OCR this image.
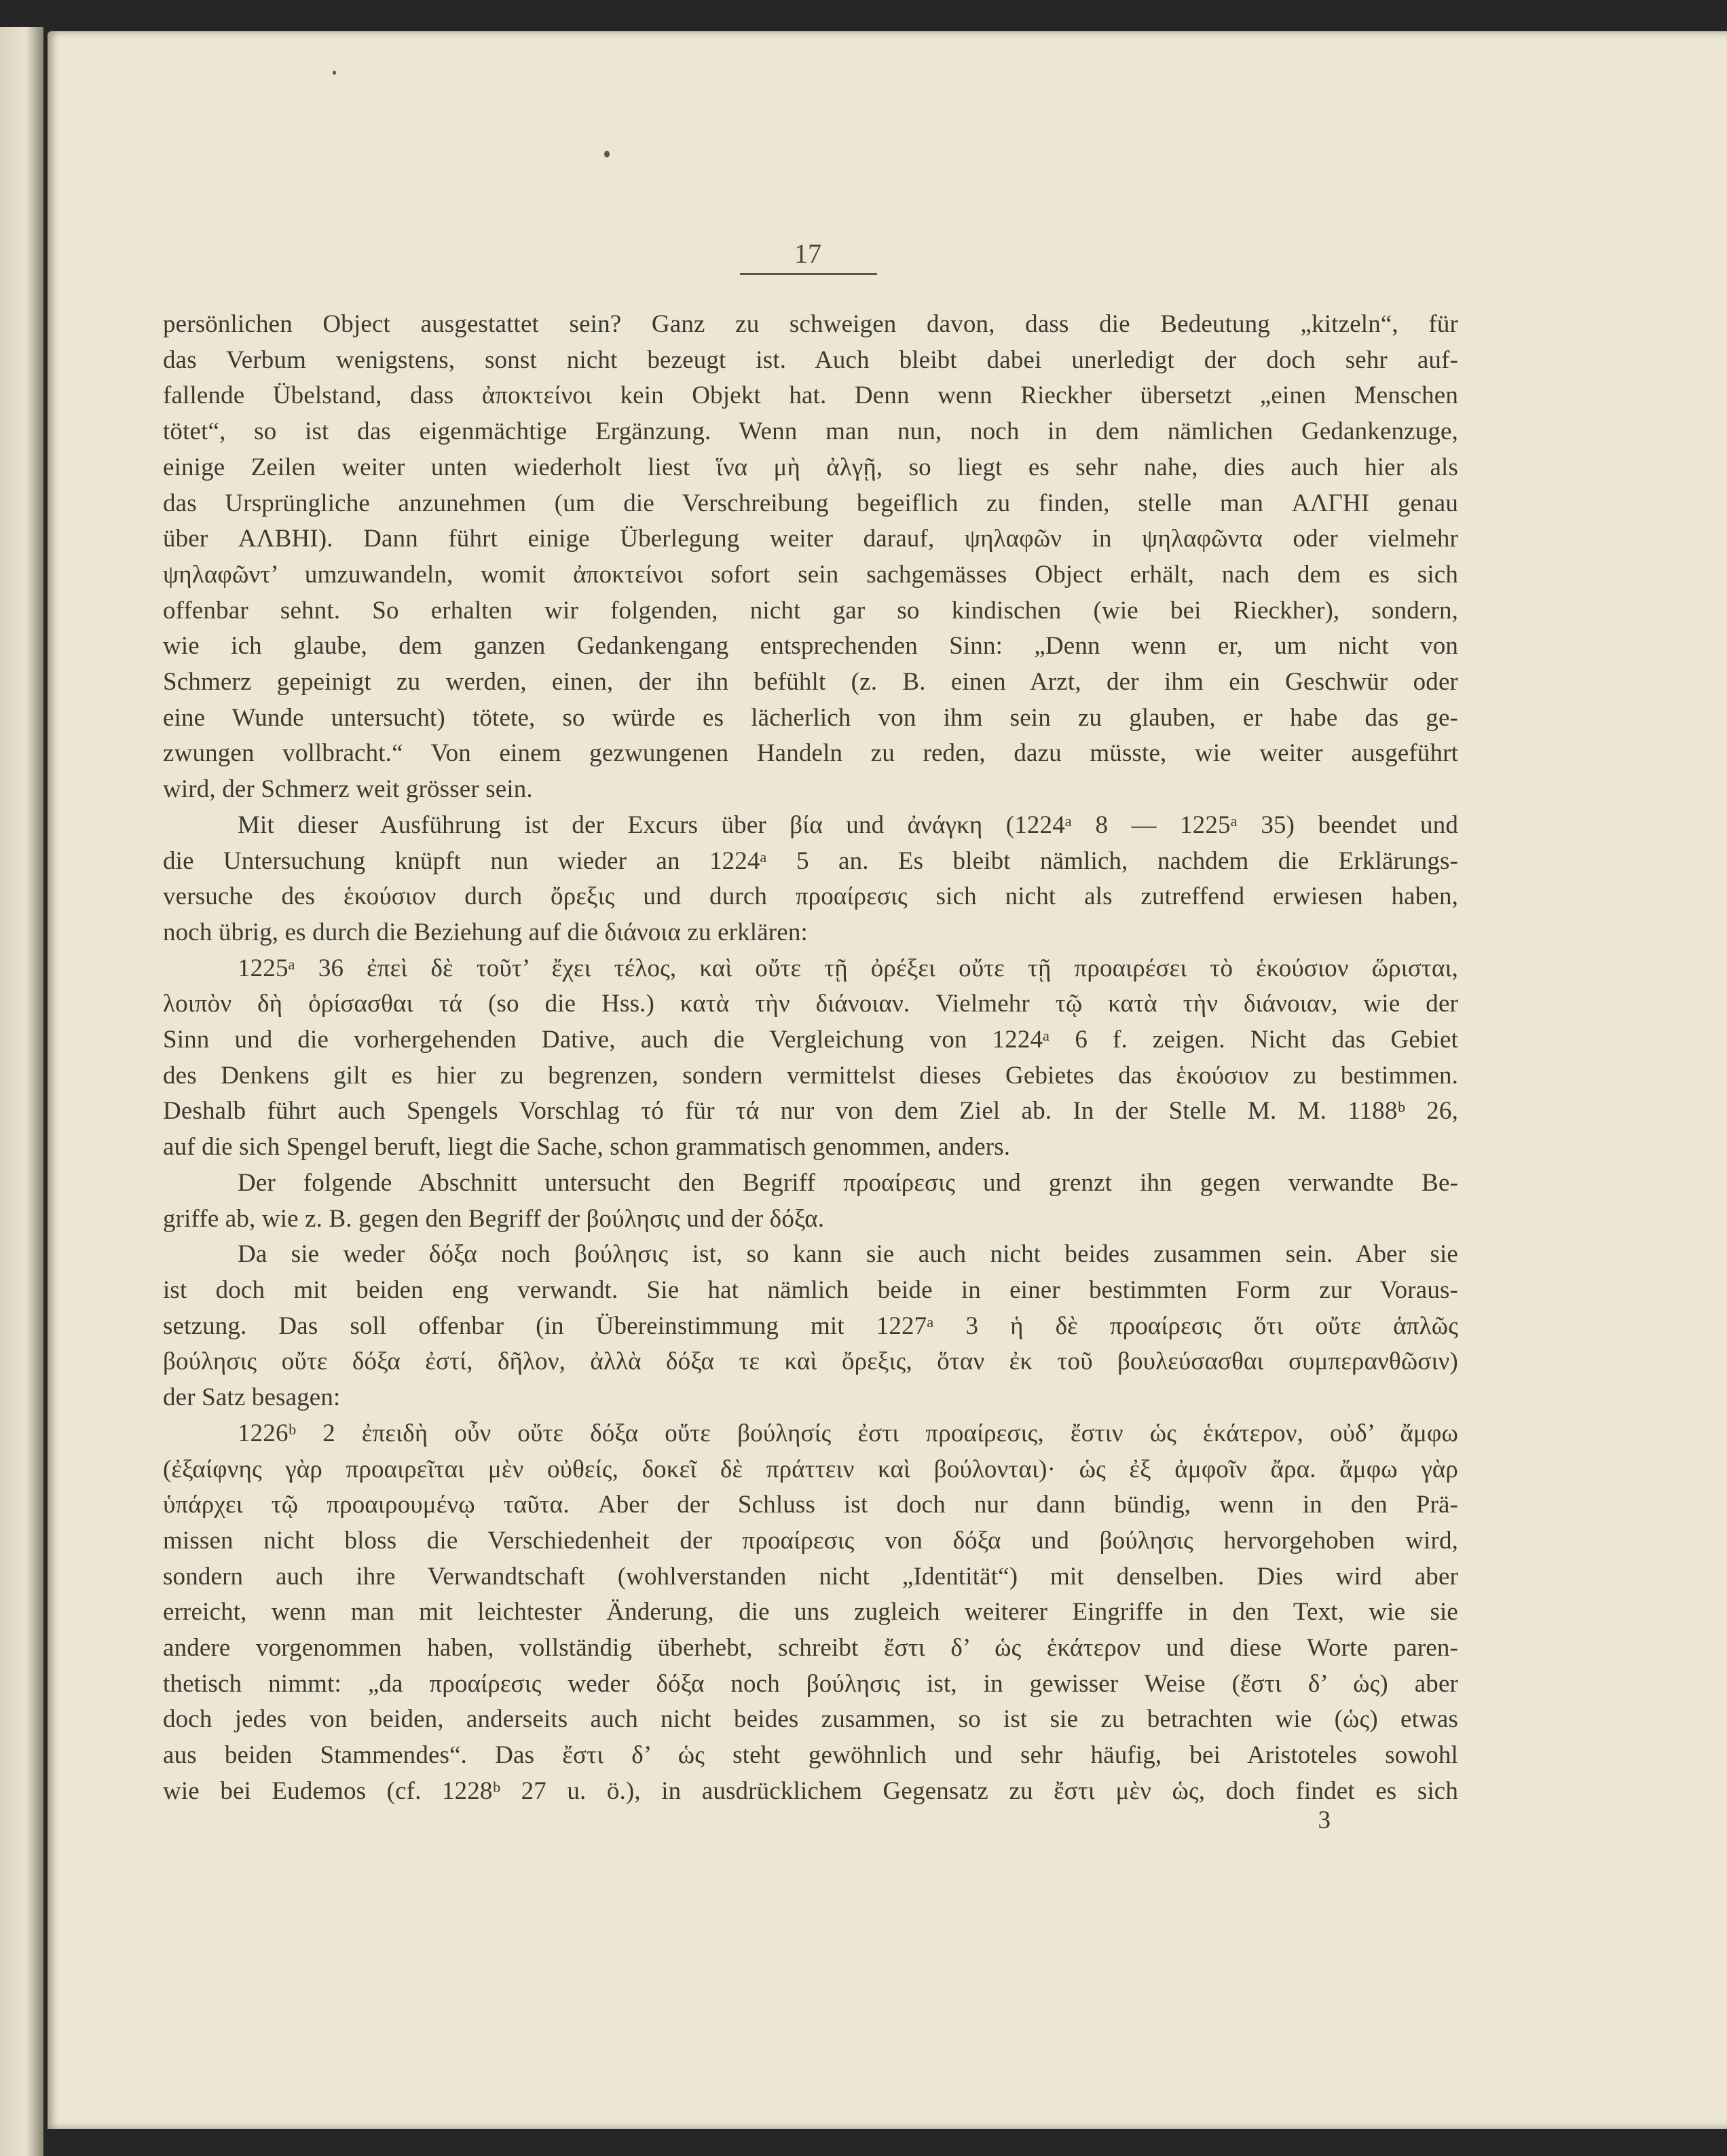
17
persönlichen Object ausgestattet sein? Ganz zu schweigen davon, dass die Bedeutung „kitzeln“, für
das Verbum wenigstens, sonst nicht bezeugt ist. Auch bleibt dabei unerledigt der doch sehr auf-
fallende Übelstand, dass ἀποκτείνοι kein Objekt hat. Denn wenn Rieckher übersetzt „einen Menschen
tötet“, so ist das eigenmächtige Ergänzung. Wenn man nun, noch in dem nämlichen Gedankenzuge,
einige Zeilen weiter unten wiederholt liest ἵνα μὴ ἀλγῇ, so liegt es sehr nahe, dies auch hier als
das Ursprüngliche anzunehmen (um die Verschreibung begeiflich zu finden, stelle man ΑΛΓΗΙ genau
über ΑΛΒΗΙ). Dann führt einige Überlegung weiter darauf, ψηλαφῶν in ψηλαφῶντα oder vielmehr
ψηλαφῶντ’ umzuwandeln, womit ἀποκτείνοι sofort sein sachgemässes Object erhält, nach dem es sich
offenbar sehnt. So erhalten wir folgenden, nicht gar so kindischen (wie bei Rieckher), sondern,
wie ich glaube, dem ganzen Gedankengang entsprechenden Sinn: „Denn wenn er, um nicht von
Schmerz gepeinigt zu werden, einen, der ihn befühlt (z. B. einen Arzt, der ihm ein Geschwür oder
eine Wunde untersucht) tötete, so würde es lächerlich von ihm sein zu glauben, er habe das ge-
zwungen vollbracht.“ Von einem gezwungenen Handeln zu reden, dazu müsste, wie weiter ausgeführt
wird, der Schmerz weit grösser sein.
Mit dieser Ausführung ist der Excurs über βία und ἀνάγκη (1224ᵃ 8 — 1225ᵃ 35) beendet und
die Untersuchung knüpft nun wieder an 1224ᵃ 5 an. Es bleibt nämlich, nachdem die Erklärungs-
versuche des ἑκούσιον durch ὄρεξις und durch προαίρεσις sich nicht als zutreffend erwiesen haben,
noch übrig, es durch die Beziehung auf die διάνοια zu erklären:
1225ᵃ 36 ἐπεὶ δὲ τοῦτ’ ἔχει τέλος, καὶ οὔτε τῇ ὀρέξει οὔτε τῇ προαιρέσει τὸ ἑκούσιον ὥρισται,
λοιπὸν δὴ ὁρίσασθαι τά (so die Hss.) κατὰ τὴν διάνοιαν. Vielmehr τῷ κατὰ τὴν διάνοιαν, wie der
Sinn und die vorhergehenden Dative, auch die Vergleichung von 1224ᵃ 6 f. zeigen. Nicht das Gebiet
des Denkens gilt es hier zu begrenzen, sondern vermittelst dieses Gebietes das ἑκούσιον zu bestimmen.
Deshalb führt auch Spengels Vorschlag τό für τά nur von dem Ziel ab. In der Stelle M. M. 1188ᵇ 26,
auf die sich Spengel beruft, liegt die Sache, schon grammatisch genommen, anders.
Der folgende Abschnitt untersucht den Begriff προαίρεσις und grenzt ihn gegen verwandte Be-
griffe ab, wie z. B. gegen den Begriff der βούλησις und der δόξα.
Da sie weder δόξα noch βούλησις ist, so kann sie auch nicht beides zusammen sein. Aber sie
ist doch mit beiden eng verwandt. Sie hat nämlich beide in einer bestimmten Form zur Voraus-
setzung. Das soll offenbar (in Übereinstimmung mit 1227ᵃ 3 ἡ δὲ προαίρεσις ὅτι οὔτε ἁπλῶς
βούλησις οὔτε δόξα ἐστί, δῆλον, ἀλλὰ δόξα τε καὶ ὄρεξις, ὅταν ἐκ τοῦ βουλεύσασθαι συμπερανθῶσιν)
der Satz besagen:
1226ᵇ 2 ἐπειδὴ οὖν οὔτε δόξα οὔτε βούλησίς ἐστι προαίρεσις, ἔστιν ὡς ἑκάτερον, οὐδ’ ἄμφω
(ἐξαίφνης γὰρ προαιρεῖται μὲν οὐθείς, δοκεῖ δὲ πράττειν καὶ βούλονται)· ὡς ἐξ ἀμφοῖν ἄρα. ἄμφω γὰρ
ὑπάρχει τῷ προαιρουμένῳ ταῦτα. Aber der Schluss ist doch nur dann bündig, wenn in den Prä-
missen nicht bloss die Verschiedenheit der προαίρεσις von δόξα und βούλησις hervorgehoben wird,
sondern auch ihre Verwandtschaft (wohlverstanden nicht „Identität“) mit denselben. Dies wird aber
erreicht, wenn man mit leichtester Änderung, die uns zugleich weiterer Eingriffe in den Text, wie sie
andere vorgenommen haben, vollständig überhebt, schreibt ἔστι δ’ ὡς ἑκάτερον und diese Worte paren-
thetisch nimmt: „da προαίρεσις weder δόξα noch βούλησις ist, in gewisser Weise (ἔστι δ’ ὡς) aber
doch jedes von beiden, anderseits auch nicht beides zusammen, so ist sie zu betrachten wie (ὡς) etwas
aus beiden Stammendes“. Das ἔστι δ’ ὡς steht gewöhnlich und sehr häufig, bei Aristoteles sowohl
wie bei Eudemos (cf. 1228ᵇ 27 u. ö.), in ausdrücklichem Gegensatz zu ἔστι μὲν ὡς, doch findet es sich
3
